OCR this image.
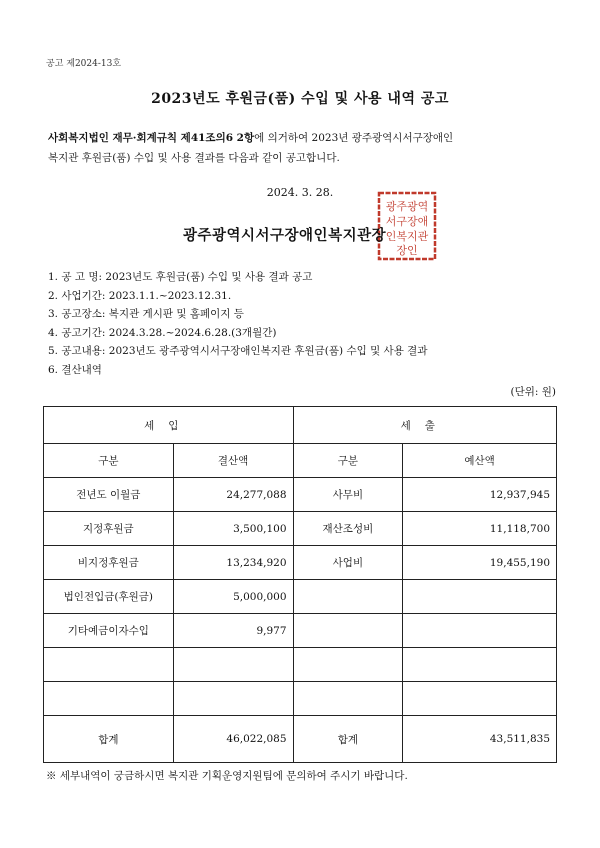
공고 제2024-13호
2023년도 후원금(품) 수입 및 사용 내역 공고
사회복지법인 재무·회계규칙 제41조의6 2항에 의거하여 2023년 광주광역시서구장애인
복지관 후원금(품) 수입 및 사용 결과를 다음과 같이 공고합니다.
2024. 3. 28.
광주광역
서구장애
인복지관
장인
광주광역시서구장애인복지관장
1. 공 고 명: 2023년도 후원금(품) 수입 및 사용 결과 공고
2. 사업기간: 2023.1.1.~2023.12.31.
3. 공고장소: 복지관 게시판 및 홈페이지 등
4. 공고기간: 2024.3.28.~2024.6.28.(3개월간)
5. 공고내용: 2023년도 광주광역시서구장애인복지관 후원금(품) 수입 및 사용 결과
6. 결산내역
(단위: 원)
세입		세출	
구분	결산액	구분	예산액
전년도 이월금	24,277,088	사무비	12,937,945
지정후원금	3,500,100	재산조성비	11,118,700
비지정후원금	13,234,920	사업비	19,455,190
법인전입금(후원금)	5,000,000		
기타예금이자수입	9,977		

합계	46,022,085	합계	43,511,835
※ 세부내역이 궁금하시면 복지관 기획운영지원팀에 문의하여 주시기 바랍니다.
